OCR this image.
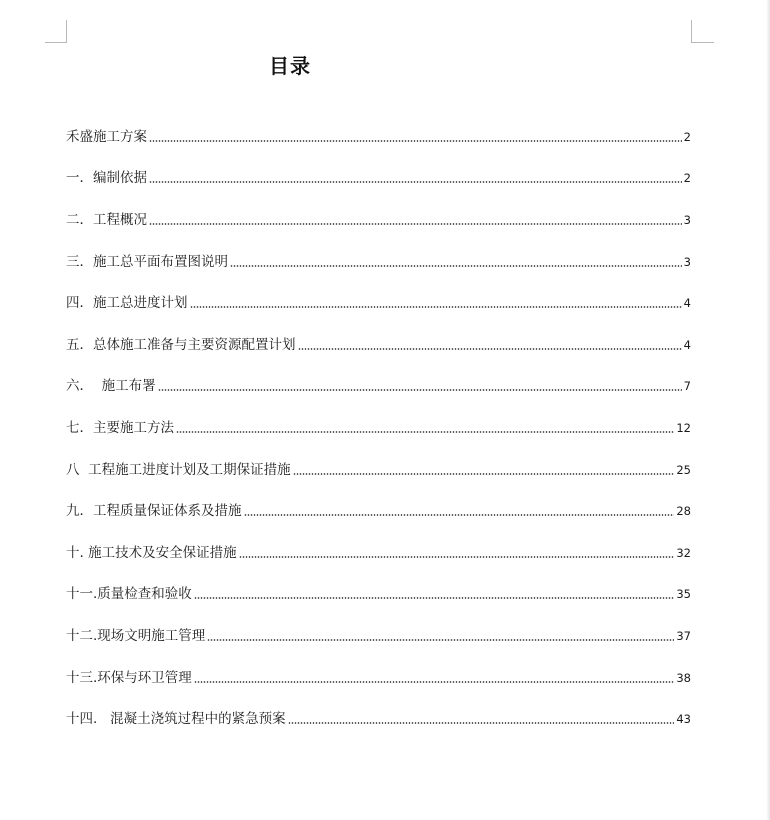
目录
禾盛施工方案	2
一．编制依据	2
二．工程概况	3
三．施工总平面布置图说明	3
四．施工总进度计划	4
五．总体施工准备与主要资源配置计划	4
六．  施工布署	7
七．主要施工方法	12
八  工程施工进度计划及工期保证措施	25
九．工程质量保证体系及措施	28
十. 施工技术及安全保证措施	32
十一.质量检查和验收	35
十二.现场文明施工管理	37
十三.环保与环卫管理	38
十四.   混凝土浇筑过程中的紧急预案	43
